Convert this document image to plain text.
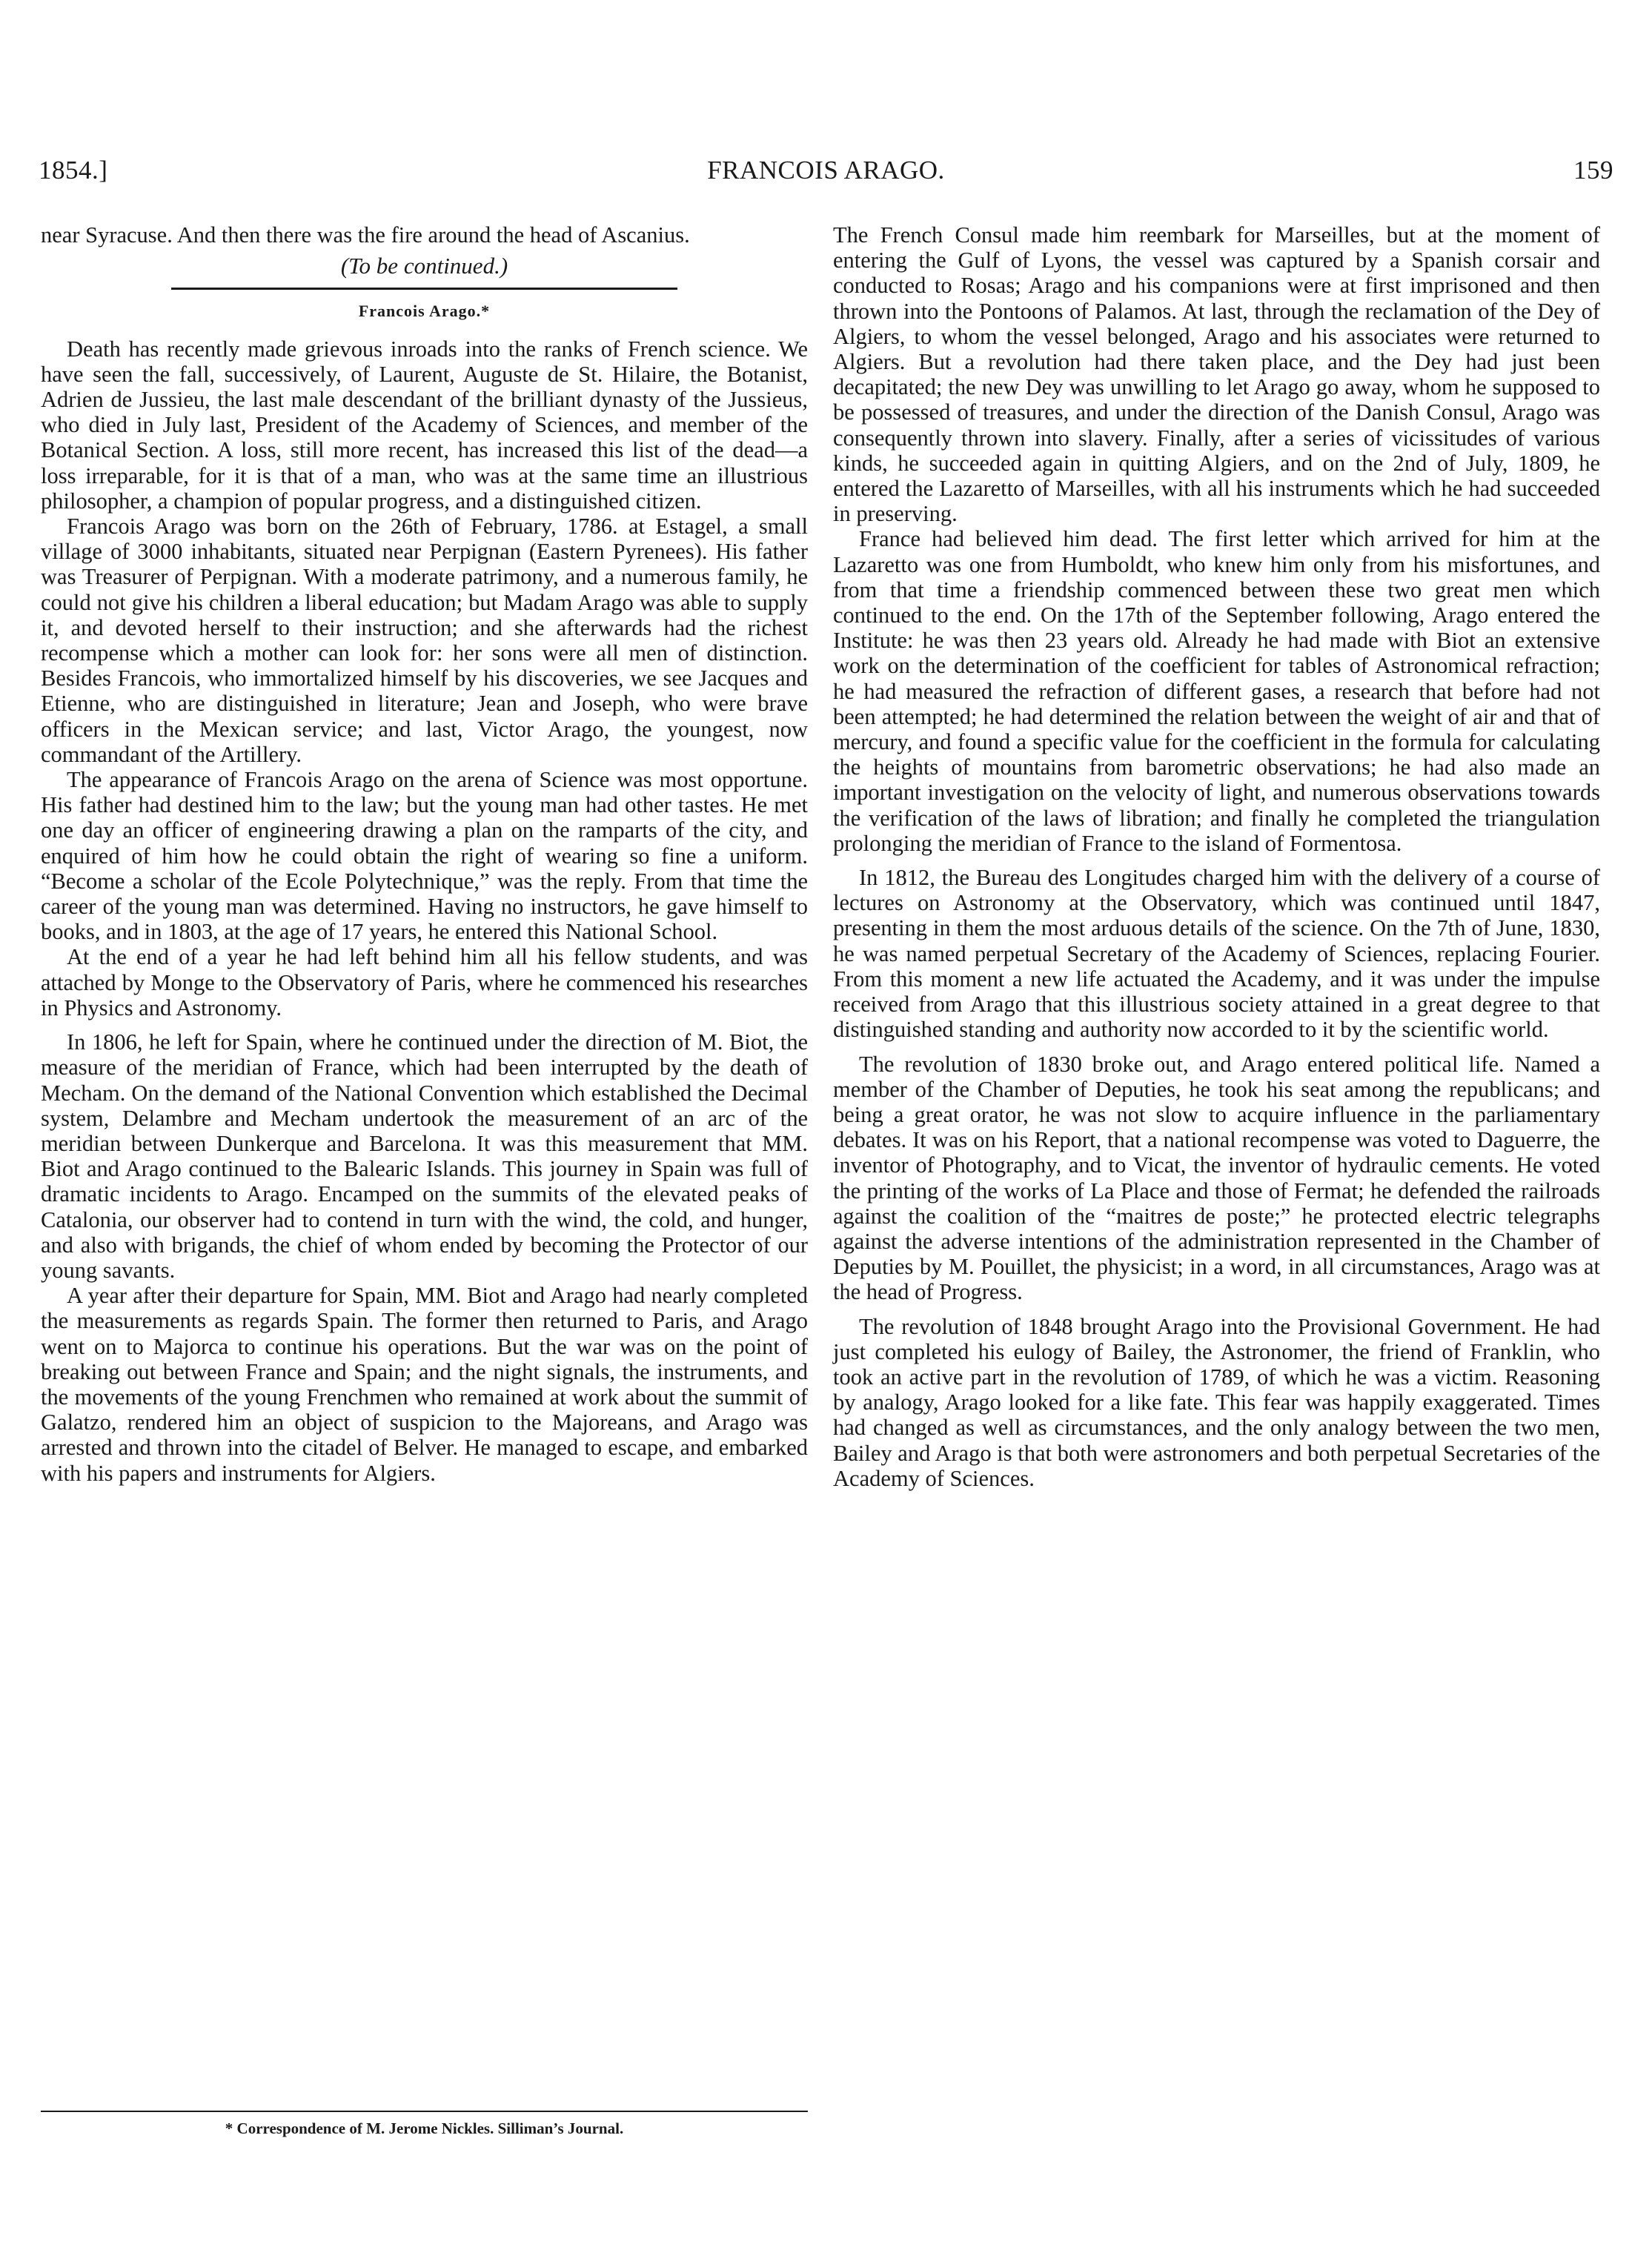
1854.]	FRANCOIS ARAGO.	159

near Syracuse. And then there was the fire around the head of Ascanius.

(To be continued.)
Francois Arago.*

Death has recently made grievous inroads into the ranks of French science. We have seen the fall, successively, of Laurent, Auguste de St. Hilaire, the Botanist, Adrien de Jussieu, the last male descendant of the brilliant dynasty of the Jussieus, who died in July last, President of the Academy of Sciences, and member of the Botanical Section. A loss, still more recent, has increased this list of the dead—a loss irreparable, for it is that of a man, who was at the same time an illustrious philosopher, a champion of popular progress, and a distinguished citizen.

Francois Arago was born on the 26th of February, 1786. at Estagel, a small village of 3000 inhabitants, situated near Perpignan (Eastern Pyrenees). His father was Treasurer of Perpignan. With a moderate patrimony, and a numerous family, he could not give his children a liberal education; but Madam Arago was able to supply it, and devoted herself to their instruction; and she afterwards had the richest recompense which a mother can look for: her sons were all men of distinction. Besides Francois, who immortalized himself by his discoveries, we see Jacques and Etienne, who are distinguished in literature; Jean and Joseph, who were brave officers in the Mexican service; and last, Victor Arago, the youngest, now commandant of the Artillery.

The appearance of Francois Arago on the arena of Science was most opportune. His father had destined him to the law; but the young man had other tastes. He met one day an officer of engineering drawing a plan on the ramparts of the city, and enquired of him how he could obtain the right of wearing so fine a uniform. “Become a scholar of the Ecole Polytechnique,” was the reply. From that time the career of the young man was determined. Having no instructors, he gave himself to books, and in 1803, at the age of 17 years, he entered this National School.

At the end of a year he had left behind him all his fellow students, and was attached by Monge to the Observatory of Paris, where he commenced his researches in Physics and Astronomy.

In 1806, he left for Spain, where he continued under the direction of M. Biot, the measure of the meridian of France, which had been interrupted by the death of Mecham. On the demand of the National Convention which established the Decimal system, Delambre and Mecham undertook the measurement of an arc of the meridian between Dunkerque and Barcelona. It was this measurement that MM. Biot and Arago continued to the Balearic Islands. This journey in Spain was full of dramatic incidents to Arago. Encamped on the summits of the elevated peaks of Catalonia, our observer had to contend in turn with the wind, the cold, and hunger, and also with brigands, the chief of whom ended by becoming the Protector of our young savants.

A year after their departure for Spain, MM. Biot and Arago had nearly completed the measurements as regards Spain. The former then returned to Paris, and Arago went on to Majorca to continue his operations. But the war was on the point of breaking out between France and Spain; and the night signals, the instruments, and the movements of the young Frenchmen who remained at work about the summit of Galatzo, rendered him an object of suspicion to the Majoreans, and Arago was arrested and thrown into the citadel of Belver. He managed to escape, and embarked with his papers and instruments for Algiers.

* Correspondence of M. Jerome Nickles. Silliman’s Journal.

The French Consul made him reembark for Marseilles, but at the moment of entering the Gulf of Lyons, the vessel was captured by a Spanish corsair and conducted to Rosas; Arago and his companions were at first imprisoned and then thrown into the Pontoons of Palamos. At last, through the reclamation of the Dey of Algiers, to whom the vessel belonged, Arago and his associates were returned to Algiers. But a revolution had there taken place, and the Dey had just been decapitated; the new Dey was unwilling to let Arago go away, whom he supposed to be possessed of treasures, and under the direction of the Danish Consul, Arago was consequently thrown into slavery. Finally, after a series of vicissitudes of various kinds, he succeeded again in quitting Algiers, and on the 2nd of July, 1809, he entered the Lazaretto of Marseilles, with all his instruments which he had succeeded in preserving.

France had believed him dead. The first letter which arrived for him at the Lazaretto was one from Humboldt, who knew him only from his misfortunes, and from that time a friendship commenced between these two great men which continued to the end. On the 17th of the September following, Arago entered the Institute: he was then 23 years old. Already he had made with Biot an extensive work on the determination of the coefficient for tables of Astronomical refraction; he had measured the refraction of different gases, a research that before had not been attempted; he had determined the relation between the weight of air and that of mercury, and found a specific value for the coefficient in the formula for calculating the heights of mountains from barometric observations; he had also made an important investigation on the velocity of light, and numerous observations towards the verification of the laws of libration; and finally he completed the triangulation prolonging the meridian of France to the island of Formentosa.

In 1812, the Bureau des Longitudes charged him with the delivery of a course of lectures on Astronomy at the Observatory, which was continued until 1847, presenting in them the most arduous details of the science. On the 7th of June, 1830, he was named perpetual Secretary of the Academy of Sciences, replacing Fourier. From this moment a new life actuated the Academy, and it was under the impulse received from Arago that this illustrious society attained in a great degree to that distinguished standing and authority now accorded to it by the scientific world.

The revolution of 1830 broke out, and Arago entered political life. Named a member of the Chamber of Deputies, he took his seat among the republicans; and being a great orator, he was not slow to acquire influence in the parliamentary debates. It was on his Report, that a national recompense was voted to Daguerre, the inventor of Photography, and to Vicat, the inventor of hydraulic cements. He voted the printing of the works of La Place and those of Fermat; he defended the railroads against the coalition of the “maitres de poste;” he protected electric telegraphs against the adverse intentions of the administration represented in the Chamber of Deputies by M. Pouillet, the physicist; in a word, in all circumstances, Arago was at the head of Progress.

The revolution of 1848 brought Arago into the Provisional Government. He had just completed his eulogy of Bailey, the Astronomer, the friend of Franklin, who took an active part in the revolution of 1789, of which he was a victim. Reasoning by analogy, Arago looked for a like fate. This fear was happily exaggerated. Times had changed as well as circumstances, and the only analogy between the two men, Bailey and Arago is that both were astronomers and both perpetual Secretaries of the Academy of Sciences.
